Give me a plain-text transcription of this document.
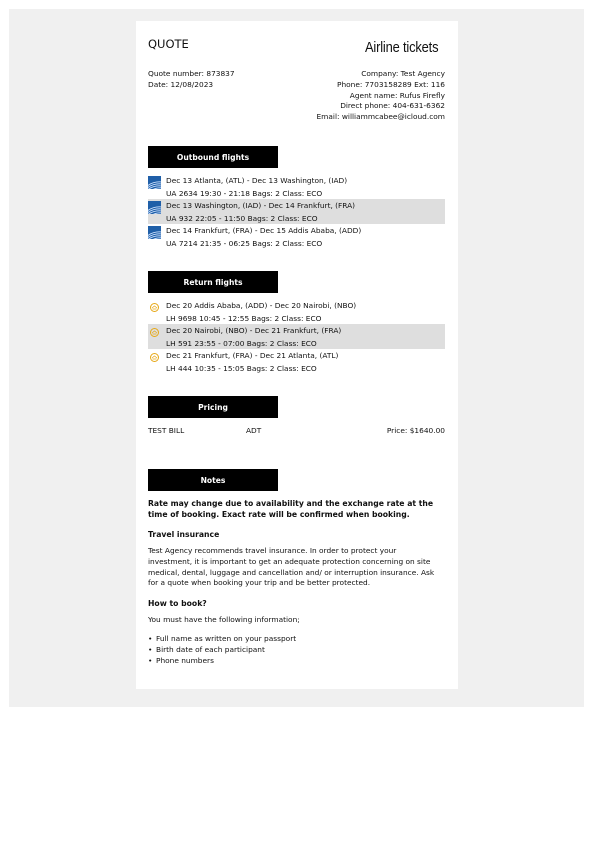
QUOTE	Airline tickets
Quote number: 873837
Date: 12/08/2023
Company: Test Agency
Phone: 7703158289 Ext: 116
Agent name: Rufus Firefly
Direct phone: 404-631-6362
Email: williammcabee@icloud.com
Outbound flights
Dec 13 Atlanta, (ATL) - Dec 13 Washington, (IAD)
UA 2634 19:30 - 21:18 Bags: 2 Class: ECO
Dec 13 Washington, (IAD) - Dec 14 Frankfurt, (FRA)
UA 932 22:05 - 11:50 Bags: 2 Class: ECO
Dec 14 Frankfurt, (FRA) - Dec 15 Addis Ababa, (ADD)
UA 7214 21:35 - 06:25 Bags: 2 Class: ECO
Return flights
Dec 20 Addis Ababa, (ADD) - Dec 20 Nairobi, (NBO)
LH 9698 10:45 - 12:55 Bags: 2 Class: ECO
Dec 20 Nairobi, (NBO) - Dec 21 Frankfurt, (FRA)
LH 591 23:55 - 07:00 Bags: 2 Class: ECO
Dec 21 Frankfurt, (FRA) - Dec 21 Atlanta, (ATL)
LH 444 10:35 - 15:05 Bags: 2 Class: ECO
Pricing
TEST BILL	ADT	Price: $1640.00
Notes

Rate may change due to availability and the exchange rate at the time of booking. Exact rate will be confirmed when booking.

Travel insurance

Test Agency recommends travel insurance. In order to protect your investment, it is important to get an adequate protection concerning on site medical, dental, luggage and cancellation and/ or interruption insurance. Ask for a quote when booking your trip and be better protected.

How to book?

You must have the following information;

• Full name as written on your passport
• Birth date of each participant
• Phone numbers
